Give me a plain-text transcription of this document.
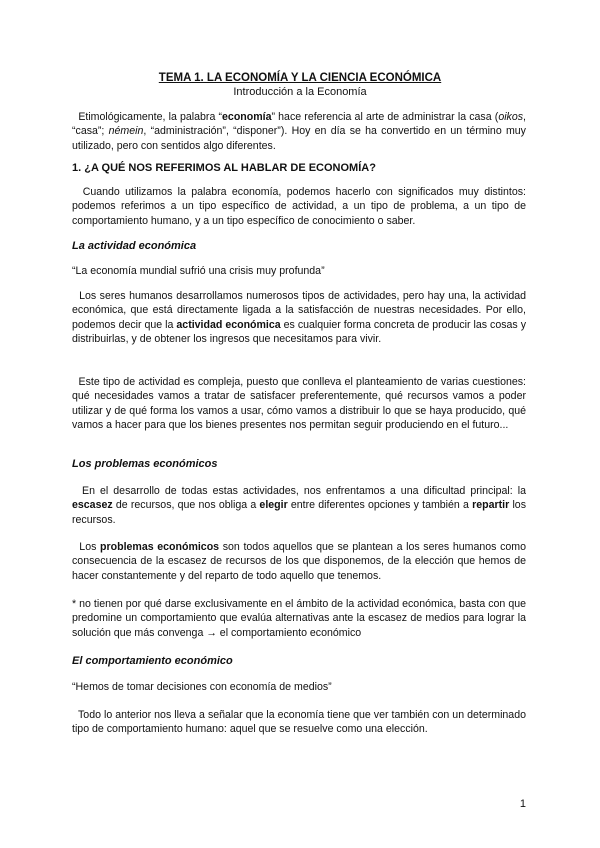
TEMA 1. LA ECONOMÍA Y LA CIENCIA ECONÓMICA
Introducción a la Economía

Etimológicamente, la palabra “economía” hace referencia al arte de administrar la casa (oikos, “casa”; némein, “administración”, “disponer”). Hoy en día se ha convertido en un término muy utilizado, pero con sentidos algo diferentes.

1. ¿A QUÉ NOS REFERIMOS AL HABLAR DE ECONOMÍA?

Cuando utilizamos la palabra economía, podemos hacerlo con significados muy distintos: podemos referimos a un tipo específico de actividad, a un tipo de problema, a un tipo de comportamiento humano, y a un tipo específico de conocimiento o saber.

La actividad económica

“La economía mundial sufrió una crisis muy profunda”

Los seres humanos desarrollamos numerosos tipos de actividades, pero hay una, la actividad económica, que está directamente ligada a la satisfacción de nuestras necesidades. Por ello, podemos decir que la actividad económica es cualquier forma concreta de producir las cosas y distribuirlas, y de obtener los ingresos que necesitamos para vivir.

Este tipo de actividad es compleja, puesto que conlleva el planteamiento de varias cuestiones: qué necesidades vamos a tratar de satisfacer preferentemente, qué recursos vamos a poder utilizar y de qué forma los vamos a usar, cómo vamos a distribuir lo que se haya producido, qué vamos a hacer para que los bienes presentes nos permitan seguir produciendo en el futuro...

Los problemas económicos

En el desarrollo de todas estas actividades, nos enfrentamos a una dificultad principal: la escasez de recursos, que nos obliga a elegir entre diferentes opciones y también a repartir los recursos.

Los problemas económicos son todos aquellos que se plantean a los seres humanos como consecuencia de la escasez de recursos de los que disponemos, de la elección que hemos de hacer constantemente y del reparto de todo aquello que tenemos.

* no tienen por qué darse exclusivamente en el ámbito de la actividad económica, basta con que predomine un comportamiento que evalúa alternativas ante la escasez de medios para lograr la solución que más convenga → el comportamiento económico

El comportamiento económico

“Hemos de tomar decisiones con economía de medios”

Todo lo anterior nos lleva a señalar que la economía tiene que ver también con un determinado tipo de comportamiento humano: aquel que se resuelve como una elección.

1
